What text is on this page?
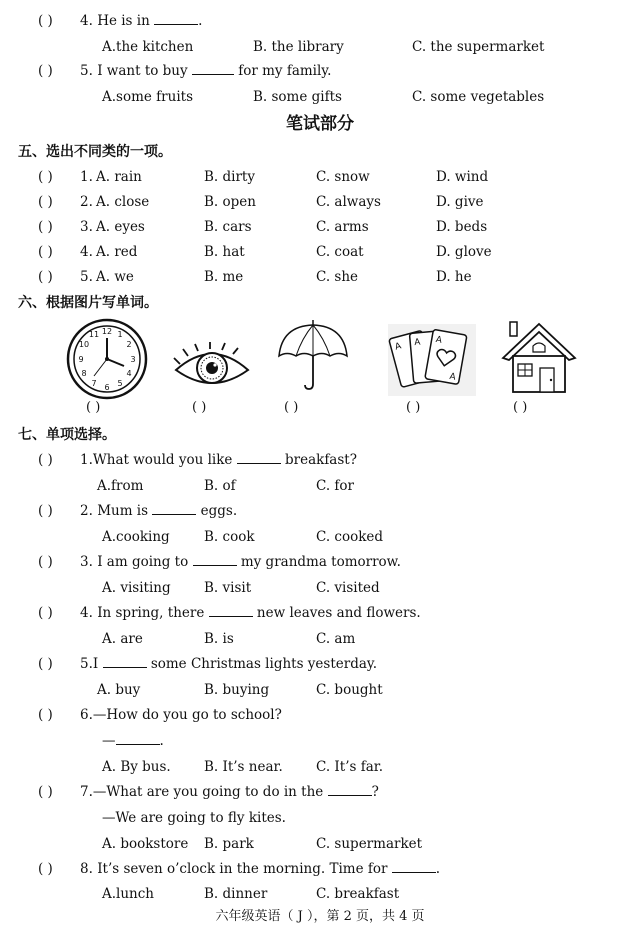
( ) 4. He is in	.
A.the kitchen	B. the library	C. the supermarket
( ) 5. I want to buy	for my family.
A.some fruits	B. some gifts	C. some vegetables
笔试部分
五、选出不同类的一项。
( ) 1. A. rain	B. dirty	C. snow	D. wind
( ) 2. A. close	B. open	C. always	D. give
( ) 3. A. eyes	B. cars	C. arms	D. beds
( ) 4. A. red	B. hat	C. coat	D. glove
( ) 5. A. we	B. me	C. she	D. he
六、根据图片写单词。
12 1
2
3
4
5
6
7
8
9
10
11
A A A
A
( )	( )	( )	( )	( )
七、单项选择。
( ) 1.What would you like	breakfast?
A.from	B. of	C. for
( ) 2. Mum is	eggs.
A.cooking	B. cook	C. cooked
( ) 3. I am going to	my grandma tomorrow.
A. visiting B. visit	C. visited
( ) 4. In spring, there	new leaves and flowers.
A. are	B. is	C. am
( ) 5.I	some Christmas lights yesterday.
A. buy	B. buying	C. bought
( ) 6.—How do you go to school?
—	.
A. By bus. B. It’s near. C. It’s far.
( ) 7.—What are you going to do in the	?
—We are going to fly kites.
A. bookstore B. park	C. supermarket
( ) 8. It’s seven o’clock in the morning. Time for	.
A.lunch	B. dinner	C. breakfast
六年级英语（ J ），第 2 页，共 4 页
